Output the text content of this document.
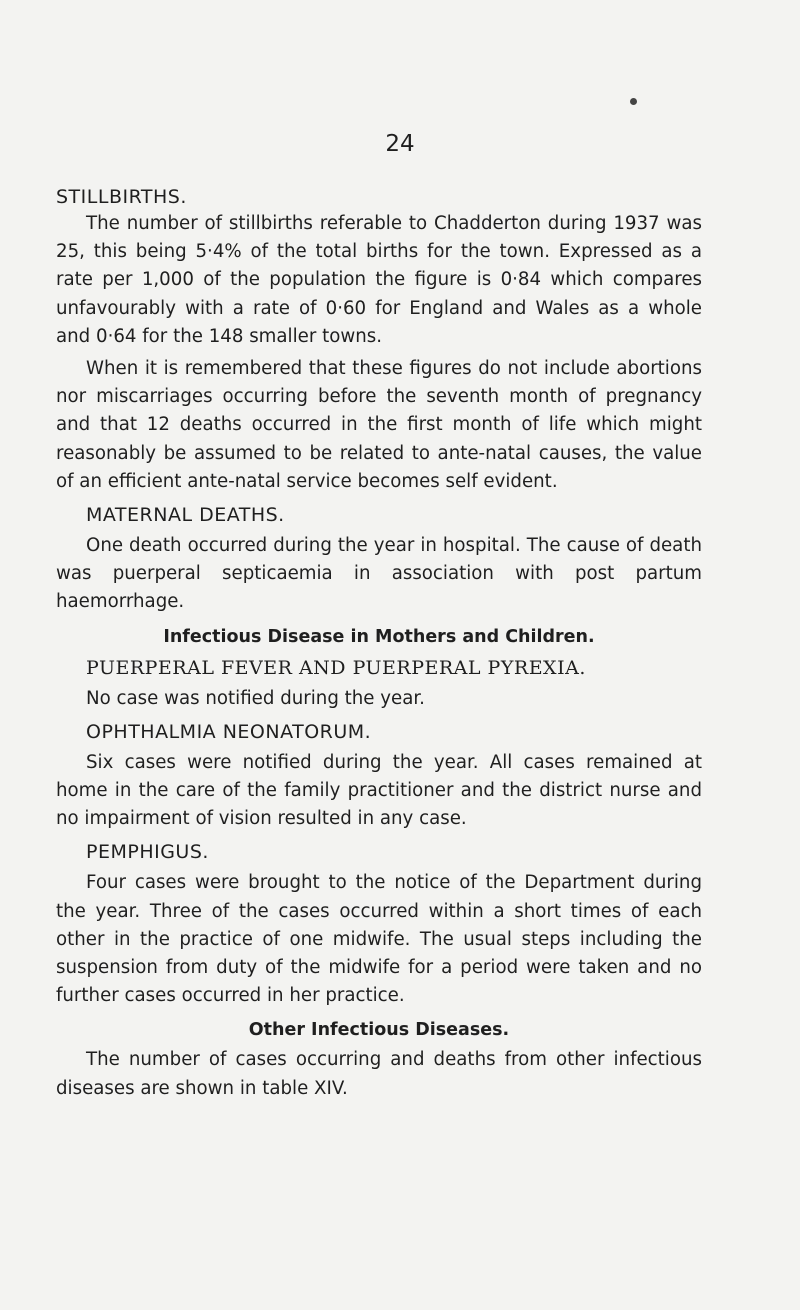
24
STILLBIRTHS.

The number of stillbirths referable to Chadderton during 1937 was 25, this being 5·4% of the total births for the town. Expressed as a rate per 1,000 of the population the figure is 0·84 which compares unfavourably with a rate of 0·60 for England and Wales as a whole and 0·64 for the 148 smaller towns.

When it is remembered that these figures do not include abortions nor miscarriages occurring before the seventh month of pregnancy and that 12 deaths occurred in the first month of life which might reasonably be assumed to be related to ante-natal causes, the value of an efficient ante-natal service becomes self evident.

MATERNAL DEATHS.

One death occurred during the year in hospital. The cause of death was puerperal septicaemia in association with post partum haemorrhage.

Infectious Disease in Mothers and Children.
PUERPERAL FEVER AND PUERPERAL PYREXIA.

No case was notified during the year.

OPHTHALMIA NEONATORUM.

Six cases were notified during the year. All cases remained at home in the care of the family practitioner and the district nurse and no impairment of vision resulted in any case.

PEMPHIGUS.

Four cases were brought to the notice of the Department during the year. Three of the cases occurred within a short times of each other in the practice of one midwife. The usual steps including the suspension from duty of the midwife for a period were taken and no further cases occurred in her practice.

Other Infectious Diseases.

The number of cases occurring and deaths from other infectious diseases are shown in table XIV.
